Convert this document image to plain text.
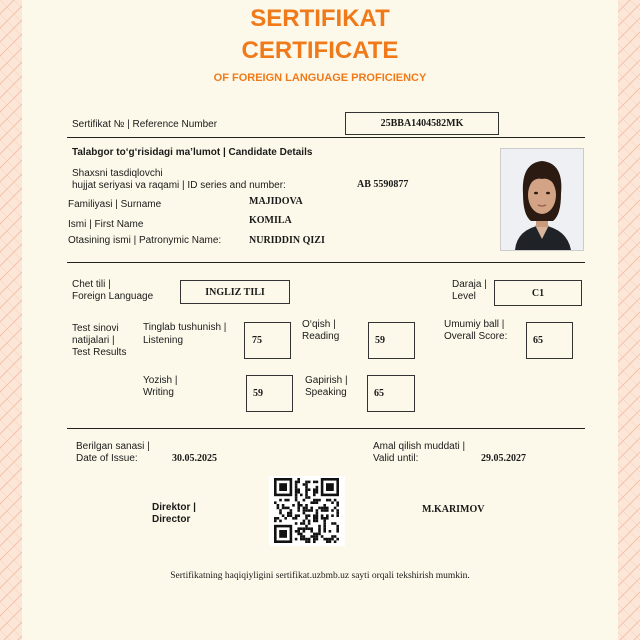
SERTIFIKAT
CERTIFICATE
OF FOREIGN LANGUAGE PROFICIENCY
Sertifikat № | Reference Number	25BBA1404582MK
Talabgor to‘g‘risidagi ma’lumot | Candidate Details
Shaxsni tasdiqlovchi
hujjat seriyasi va raqami | ID series and number:	AB 5590877
Familiyasi | Surname	MAJIDOVA
Ismi | First Name	KOMILA
Otasining ismi | Patronymic Name:	NURIDDIN QIZI
Chet tili |
Foreign Language	INGLIZ TILI
Daraja |
Level	C1
Test sinovi
natijalari |
Test Results
Tinglab tushunish |
Listening	75
O‘qish |
Reading	59
Umumiy ball |
Overall Score:	65
Yozish |
Writing	59
Gapirish |
Speaking	65
Berilgan sanasi |
Date of Issue:	30.05.2025
Amal qilish muddati |
Valid until:	29.05.2027
Direktor |
Director
M.KARIMOV
Sertifikatning haqiqiyligini sertifikat.uzbmb.uz sayti orqali tekshirish mumkin.
